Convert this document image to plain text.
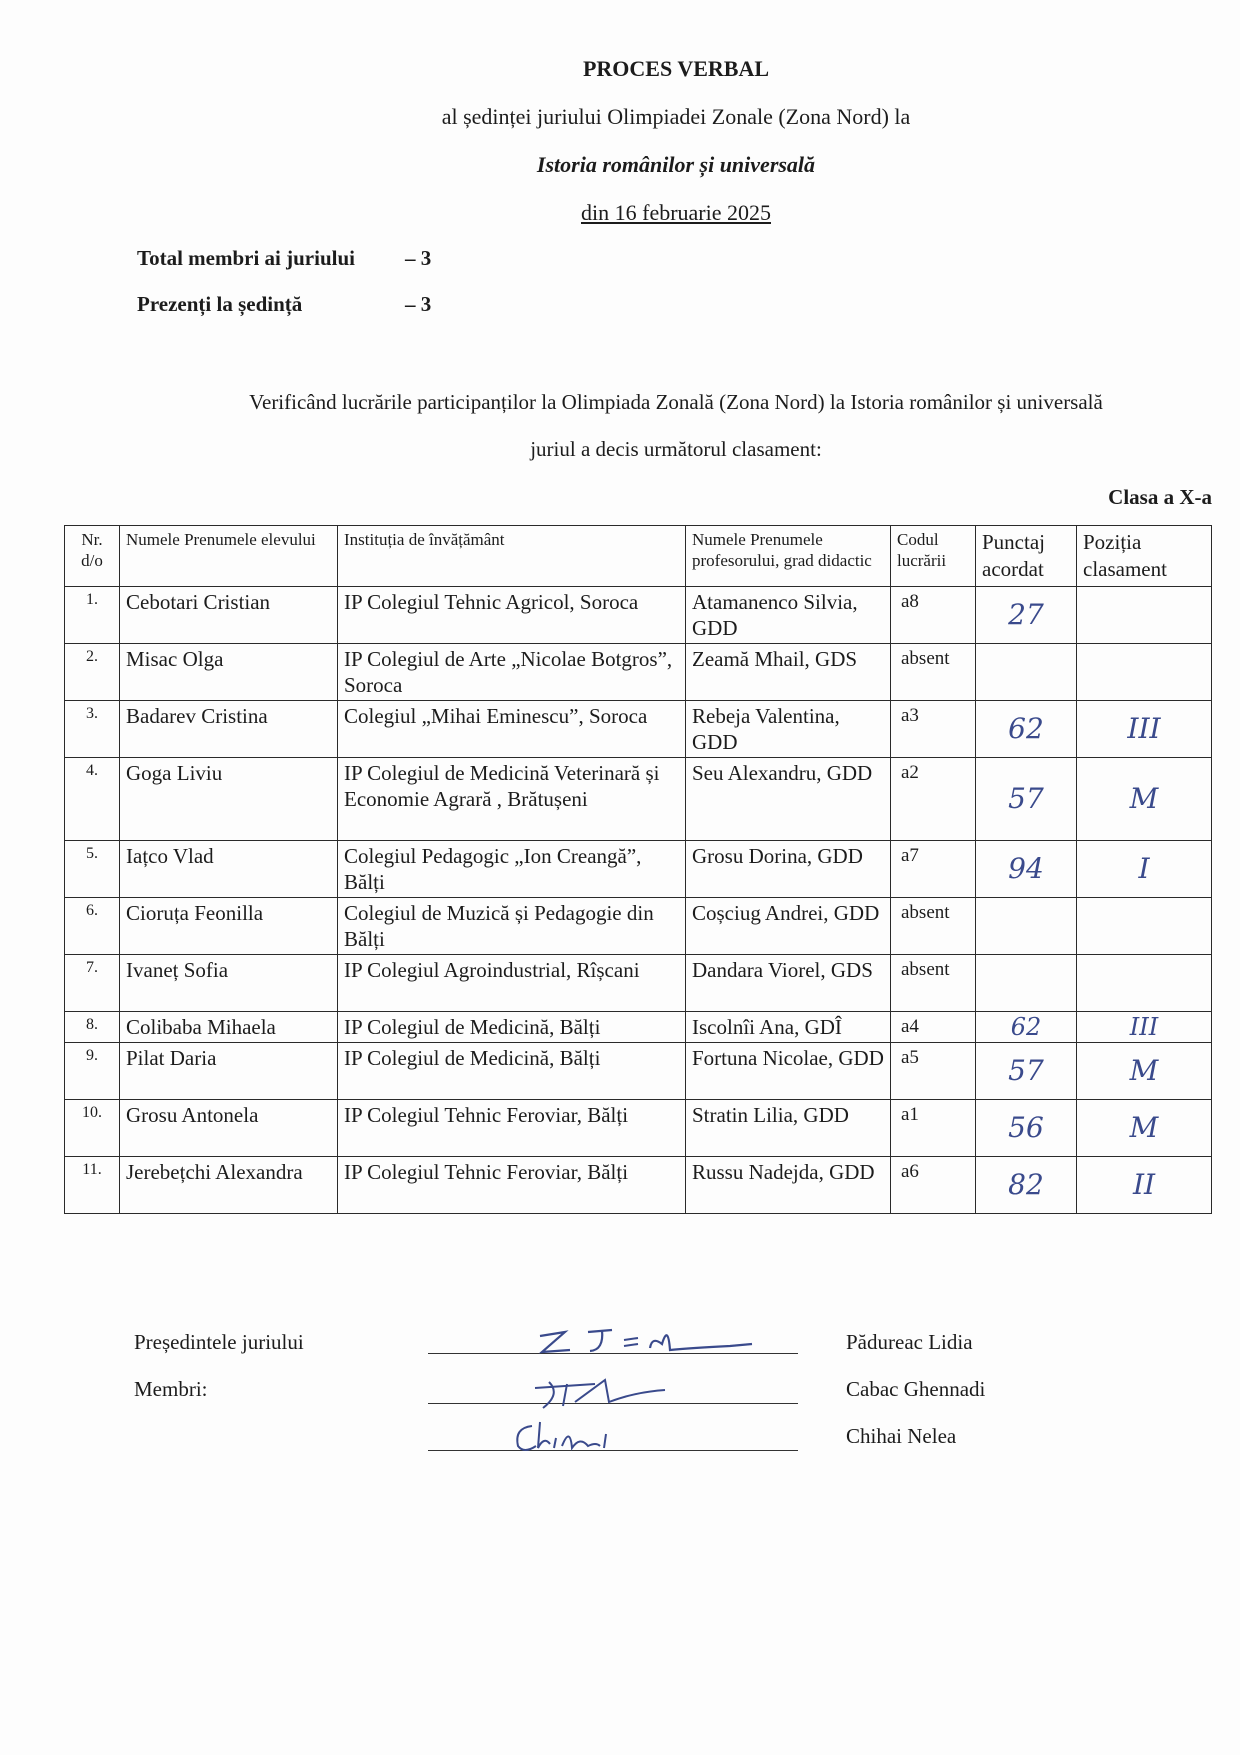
PROCES VERBAL
al ședinței juriului Olimpiadei Zonale (Zona Nord) la
Istoria românilor și universală
din 16 februarie 2025
Total membri ai juriului – 3
Prezenți la ședință	– 3
Verificând lucrările participanților la Olimpiada Zonală (Zona Nord) la Istoria românilor și universală
juriul a decis următorul clasament:
Clasa a X-a
Nr. d/o	Numele Prenumele elevului	Instituția de învățământ	Numele Prenumele profesorului, grad didactic	Codul lucrării	Punctaj acordat	Poziția clasament
1.	Cebotari Cristian	IP Colegiul Tehnic Agricol, Soroca	Atamanenco Silvia, GDD	a8	27	
2.	Misac Olga	IP Colegiul de Arte „Nicolae Botgros”, Soroca	Zeamă Mhail, GDS	absent		
3.	Badarev Cristina	Colegiul „Mihai Eminescu”, Soroca	Rebeja Valentina, GDD	a3	62	III
4.	Goga Liviu	IP Colegiul de Medicină Veterinară și Economie Agrară , Brătușeni	Seu Alexandru, GDD	a2	57	M
5.	Iațco Vlad	Colegiul Pedagogic „Ion Creangă”, Bălți	Grosu Dorina, GDD	a7	94	I
6.	Cioruța Feonilla	Colegiul de Muzică și Pedagogie din Bălți	Coșciug Andrei, GDD	absent		
7.	Ivaneț Sofia	IP Colegiul Agroindustrial, Rîșcani	Dandara Viorel, GDS	absent		
8.	Colibaba Mihaela	IP Colegiul de Medicină, Bălți	Iscolnîi Ana, GDÎ	a4	62	III
9.	Pilat Daria	IP Colegiul de Medicină, Bălți	Fortuna Nicolae, GDD	a5	57	M
10.	Grosu Antonela	IP Colegiul Tehnic Feroviar, Bălți	Stratin Lilia, GDD	a1	56	M
11.	Jerebețchi Alexandra	IP Colegiul Tehnic Feroviar, Bălți	Russu Nadejda, GDD	a6	82	II
Președintele juriului
Membri:
Pădureac Lidia
Cabac Ghennadi
Chihai Nelea
